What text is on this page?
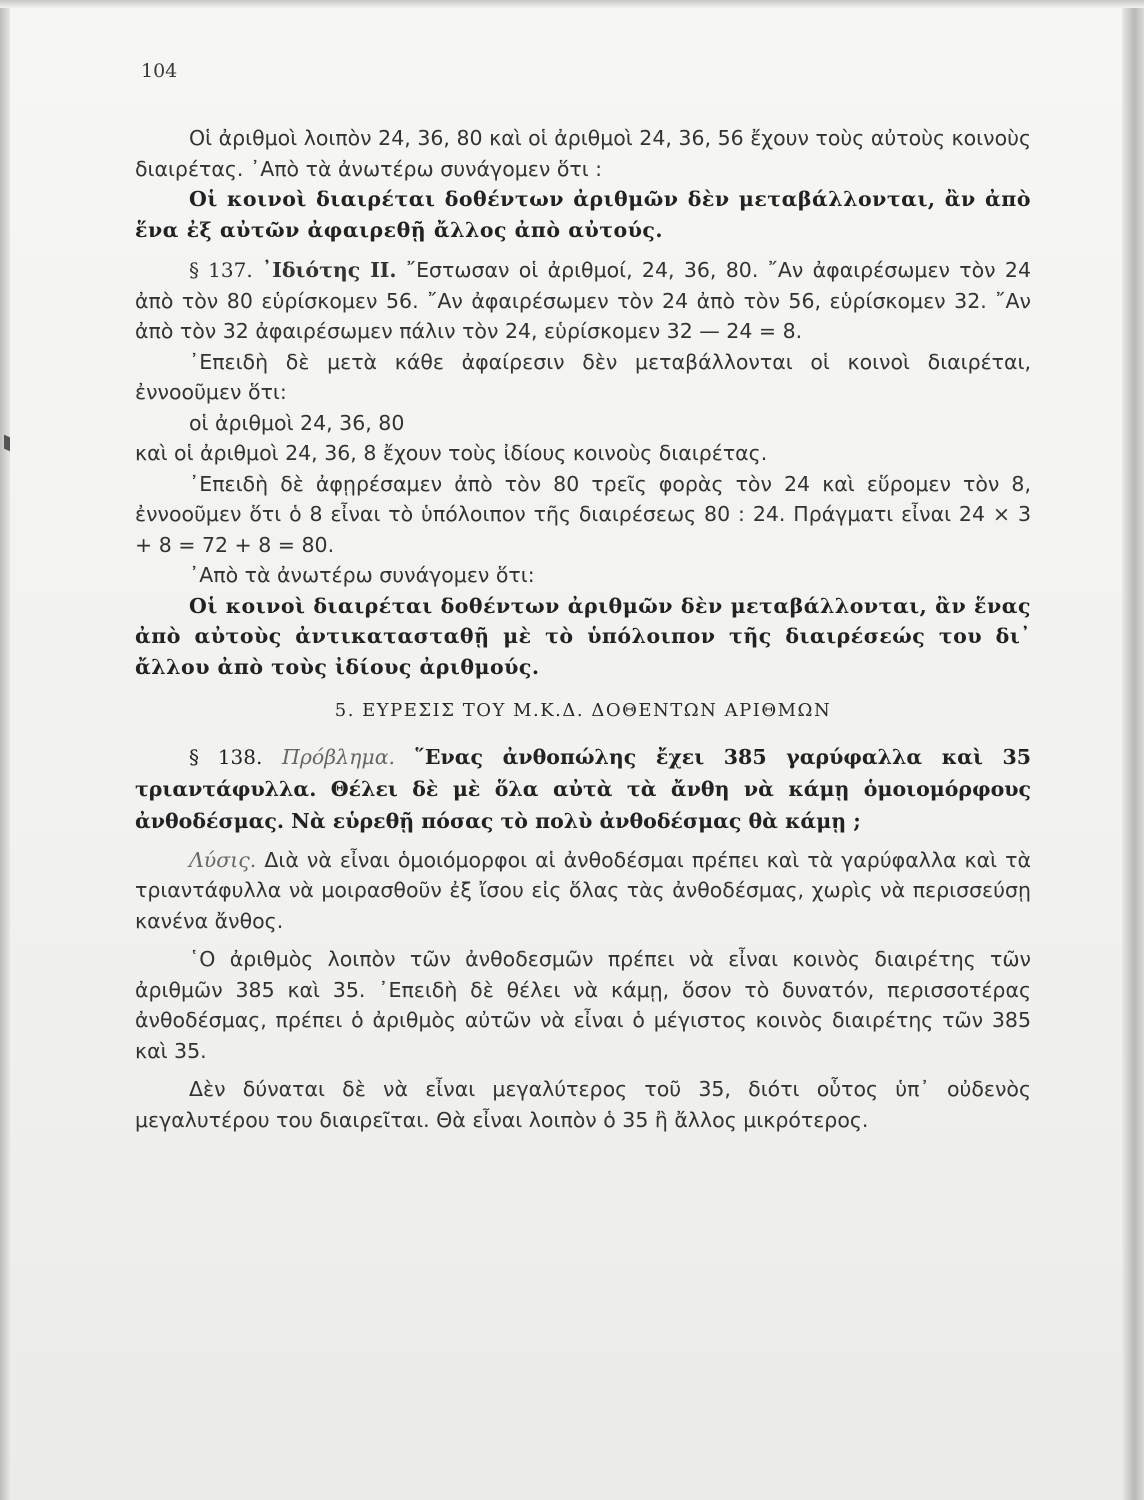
104

Οἱ ἀριθμοὶ λοιπὸν 24, 36, 80 καὶ οἱ ἀριθμοὶ 24, 36, 56 ἔχουν τοὺς αὐτοὺς κοινοὺς διαιρέτας. ᾿Απὸ τὰ ἀνωτέρω συνάγομεν ὅτι :

Οἱ κοινοὶ διαιρέται δοθέντων ἀριθμῶν δὲν μεταβάλλονται, ἂν ἀπὸ ἕνα ἐξ αὐτῶν ἀφαιρεθῇ ἄλλος ἀπὸ αὐτούς.

§ 137. ᾿Ιδιότης ΙΙ. ῎Εστωσαν οἱ ἀριθμοί, 24, 36, 80. ῎Αν ἀφαιρέσωμεν τὸν 24 ἀπὸ τὸν 80 εὑρίσκομεν 56. ῎Αν ἀφαιρέσωμεν τὸν 24 ἀπὸ τὸν 56, εὑρίσκομεν 32. ῎Αν ἀπὸ τὸν 32 ἀφαιρέσωμεν πάλιν τὸν 24, εὑρίσκομεν 32 — 24 = 8.

᾿Επειδὴ δὲ μετὰ κάθε ἀφαίρεσιν δὲν μεταβάλλονται οἱ κοινοὶ διαιρέται, ἐννοοῦμεν ὅτι:

οἱ ἀριθμοὶ 24, 36, 80

καὶ οἱ ἀριθμοὶ 24, 36, 8 ἔχουν τοὺς ἰδίους κοινοὺς διαιρέτας.

᾿Επειδὴ δὲ ἀφῃρέσαμεν ἀπὸ τὸν 80 τρεῖς φορὰς τὸν 24 καὶ εὕρομεν τὸν 8, ἐννοοῦμεν ὅτι ὁ 8 εἶναι τὸ ὑπόλοιπον τῆς διαιρέσεως 80 : 24. Πράγματι εἶναι 24 × 3 + 8 = 72 + 8 = 80.

᾿Απὸ τὰ ἀνωτέρω συνάγομεν ὅτι:

Οἱ κοινοὶ διαιρέται δοθέντων ἀριθμῶν δὲν μεταβάλλονται, ἂν ἕνας ἀπὸ αὐτοὺς ἀντικατασταθῇ μὲ τὸ ὑπόλοιπον τῆς διαιρέσεώς του δι᾿ ἄλλου ἀπὸ τοὺς ἰδίους ἀριθμούς.

5. ΕΥΡΕΣΙΣ ΤΟΥ Μ.Κ.Δ. ΔΟΘΕΝΤΩΝ ΑΡΙΘΜΩΝ

§ 138. Πρόβλημα. ῞Ενας ἀνθοπώλης ἔχει 385 γαρύφαλλα καὶ 35 τριαντάφυλλα. Θέλει δὲ μὲ ὅλα αὐτὰ τὰ ἄνθη νὰ κάμῃ ὁμοιομόρφους ἀνθοδέσμας. Νὰ εὑρεθῇ πόσας τὸ πολὺ ἀνθοδέσμας θὰ κάμῃ ;

Λύσις. Διὰ νὰ εἶναι ὁμοιόμορφοι αἱ ἀνθοδέσμαι πρέπει καὶ τὰ γαρύφαλλα καὶ τὰ τριαντάφυλλα νὰ μοιρασθοῦν ἐξ ἴσου εἰς ὅλας τὰς ἀνθοδέσμας, χωρὶς νὰ περισσεύσῃ κανένα ἄνθος.

῾Ο ἀριθμὸς λοιπὸν τῶν ἀνθοδεσμῶν πρέπει νὰ εἶναι κοινὸς διαιρέτης τῶν ἀριθμῶν 385 καὶ 35. ᾿Επειδὴ δὲ θέλει νὰ κάμῃ, ὅσον τὸ δυνατόν, περισσοτέρας ἀνθοδέσμας, πρέπει ὁ ἀριθμὸς αὐτῶν νὰ εἶναι ὁ μέγιστος κοινὸς διαιρέτης τῶν 385 καὶ 35.

Δὲν δύναται δὲ νὰ εἶναι μεγαλύτερος τοῦ 35, διότι οὗτος ὑπ᾿ οὐδενὸς μεγαλυτέρου του διαιρεῖται. Θὰ εἶναι λοιπὸν ὁ 35 ἢ ἄλλος μικρότερος.
